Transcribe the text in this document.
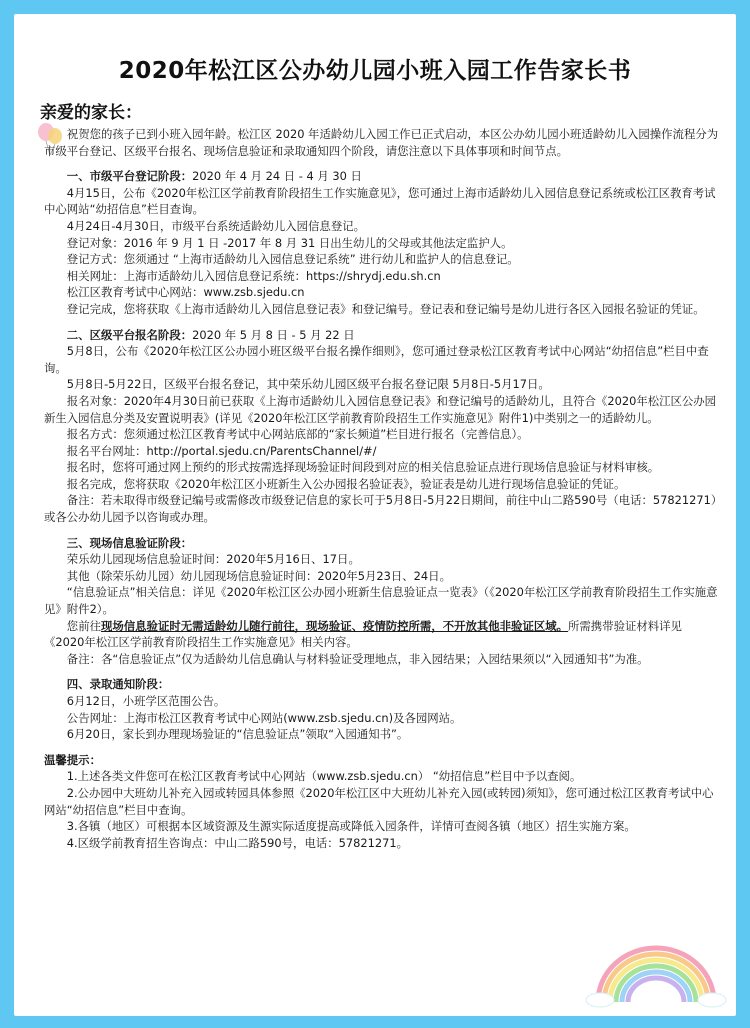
2020年松江区公办幼儿园小班入园工作告家长书
亲爱的家长：

祝贺您的孩子已到小班入园年龄。松江区 2020 年适龄幼儿入园工作已正式启动，本区公办幼儿园小班适龄幼儿入园操作流程分为市级平台登记、区级平台报名、现场信息验证和录取通知四个阶段，请您注意以下具体事项和时间节点。

一、市级平台登记阶段：2020 年 4 月 24 日 - 4 月 30 日

4月15日，公布《2020年松江区学前教育阶段招生工作实施意见》，您可通过上海市适龄幼儿入园信息登记系统或松江区教育考试中心网站“幼招信息”栏目查询。

4月24日-4月30日，市级平台系统适龄幼儿入园信息登记。

登记对象：2016 年 9 月 1 日 -2017 年 8 月 31 日出生幼儿的父母或其他法定监护人。

登记方式：您须通过 “上海市适龄幼儿入园信息登记系统” 进行幼儿和监护人的信息登记。

相关网址：上海市适龄幼儿入园信息登记系统：https://shrydj.edu.sh.cn

松江区教育考试中心网站：www.zsb.sjedu.cn

登记完成，您将获取《上海市适龄幼儿入园信息登记表》和登记编号。登记表和登记编号是幼儿进行各区入园报名验证的凭证。

二、区级平台报名阶段：2020 年 5 月 8 日 - 5 月 22 日

5月8日，公布《2020年松江区公办园小班区级平台报名操作细则》，您可通过登录松江区教育考试中心网站“幼招信息”栏目中查询。

5月8日-5月22日，区级平台报名登记，其中荣乐幼儿园区级平台报名登记限 5月8日-5月17日。

报名对象：2020年4月30日前已获取《上海市适龄幼儿入园信息登记表》和登记编号的适龄幼儿，且符合《2020年松江区公办园新生入园信息分类及安置说明表》(详见《2020年松江区学前教育阶段招生工作实施意见》附件1)中类别之一的适龄幼儿。

报名方式：您须通过松江区教育考试中心网站底部的“家长频道”栏目进行报名（完善信息）。

报名平台网址：http://portal.sjedu.cn/ParentsChannel/#/

报名时，您将可通过网上预约的形式按需选择现场验证时间段到对应的相关信息验证点进行现场信息验证与材料审核。

报名完成，您将获取《2020年松江区小班新生入公办园报名验证表》，验证表是幼儿进行现场信息验证的凭证。

备注：若未取得市级登记编号或需修改市级登记信息的家长可于5月8日-5月22日期间，前往中山二路590号（电话：57821271）或各公办幼儿园予以咨询或办理。

三、现场信息验证阶段：

荣乐幼儿园现场信息验证时间：2020年5月16日、17日。

其他（除荣乐幼儿园）幼儿园现场信息验证时间：2020年5月23日、24日。

“信息验证点”相关信息：详见《2020年松江区公办园小班新生信息验证点一览表》（《2020年松江区学前教育阶段招生工作实施意见》附件2）。

您前往现场信息验证时无需适龄幼儿随行前往，现场验证、疫情防控所需，不开放其他非验证区域。所需携带验证材料详见《2020年松江区学前教育阶段招生工作实施意见》相关内容。

备注：各“信息验证点”仅为适龄幼儿信息确认与材料验证受理地点，非入园结果；入园结果须以“入园通知书”为准。

四、录取通知阶段：

6月12日，小班学区范围公告。

公告网址：上海市松江区教育考试中心网站(www.zsb.sjedu.cn)及各园网站。

6月20日，家长到办理现场验证的“信息验证点”领取“入园通知书”。

温馨提示：

1.上述各类文件您可在松江区教育考试中心网站（www.zsb.sjedu.cn） “幼招信息”栏目中予以查阅。

2.公办园中大班幼儿补充入园或转园具体参照《2020年松江区中大班幼儿补充入园(或转园)须知》，您可通过松江区教育考试中心网站“幼招信息”栏目中查询。

3.各镇（地区）可根据本区域资源及生源实际适度提高或降低入园条件，详情可查阅各镇（地区）招生实施方案。

4.区级学前教育招生咨询点：中山二路590号，电话：57821271。
